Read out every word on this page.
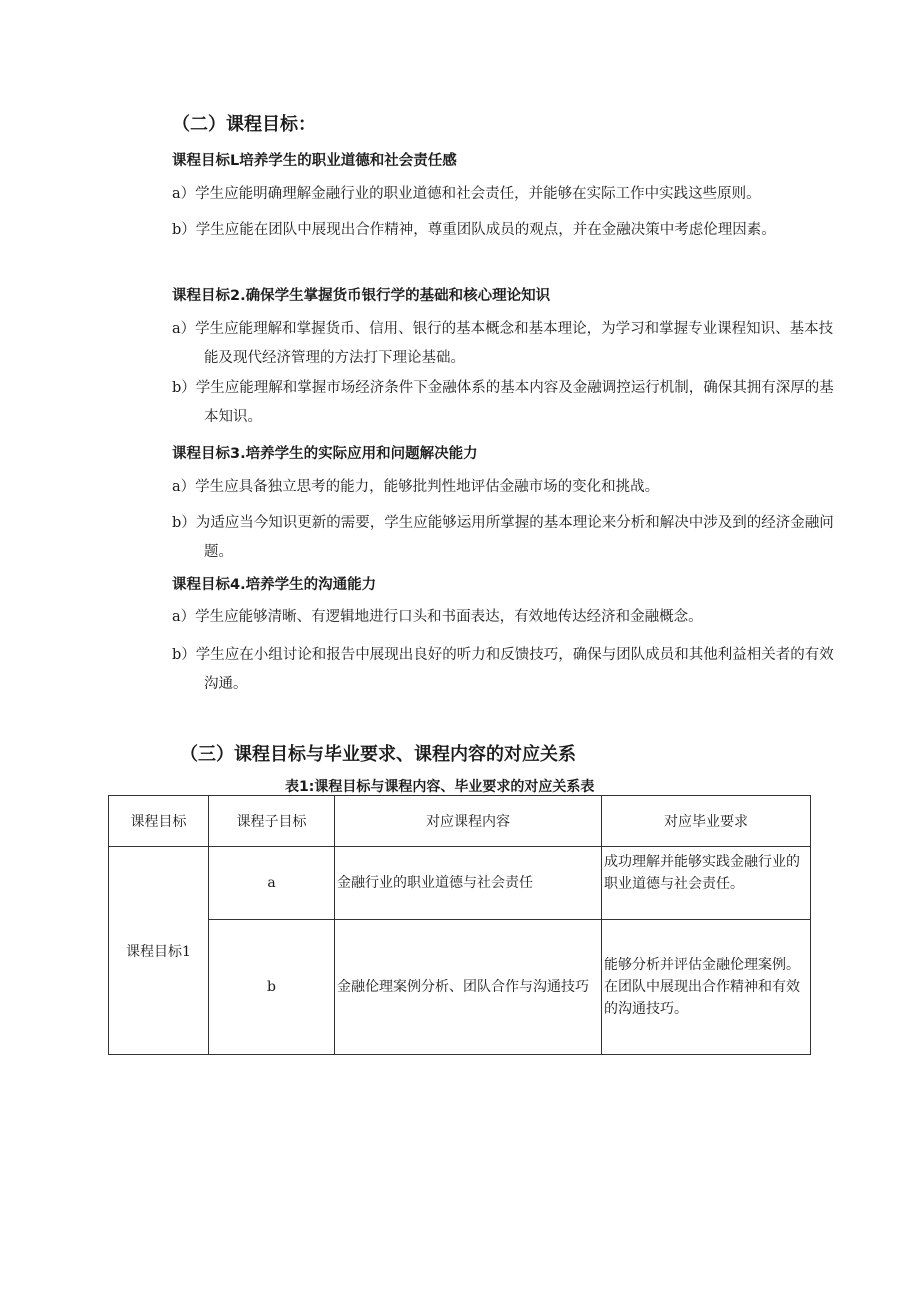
（二）课程目标：
课程目标L培养学生的职业道德和社会责任感
a）学生应能明确理解金融行业的职业道德和社会责任，并能够在实际工作中实践这些原则。
b）学生应能在团队中展现出合作精神，尊重团队成员的观点，并在金融决策中考虑伦理因素。
课程目标2.确保学生掌握货币银行学的基础和核心理论知识
a）学生应能理解和掌握货币、信用、银行的基本概念和基本理论，为学习和掌握专业课程知识、基本技能及现代经济管理的方法打下理论基础。
b）学生应能理解和掌握市场经济条件下金融体系的基本内容及金融调控运行机制，确保其拥有深厚的基本知识。
课程目标3.培养学生的实际应用和问题解决能力
a）学生应具备独立思考的能力，能够批判性地评估金融市场的变化和挑战。
b）为适应当今知识更新的需要，学生应能够运用所掌握的基本理论来分析和解决中涉及到的经济金融问题。
课程目标4.培养学生的沟通能力
a）学生应能够清晰、有逻辑地进行口头和书面表达，有效地传达经济和金融概念。
b）学生应在小组讨论和报告中展现出良好的听力和反馈技巧，确保与团队成员和其他利益相关者的有效沟通。
（三）课程目标与毕业要求、课程内容的对应关系
表1:课程目标与课程内容、毕业要求的对应关系表
课程目标	课程子目标	对应课程内容	对应毕业要求
课程目标1	a	金融行业的职业道德与社会责任	成功理解并能够实践金融行业的职业道德与社会责任。
	b	金融伦理案例分析、团队合作与沟通技巧	能够分析并评估金融伦理案例。在团队中展现出合作精神和有效的沟通技巧。
